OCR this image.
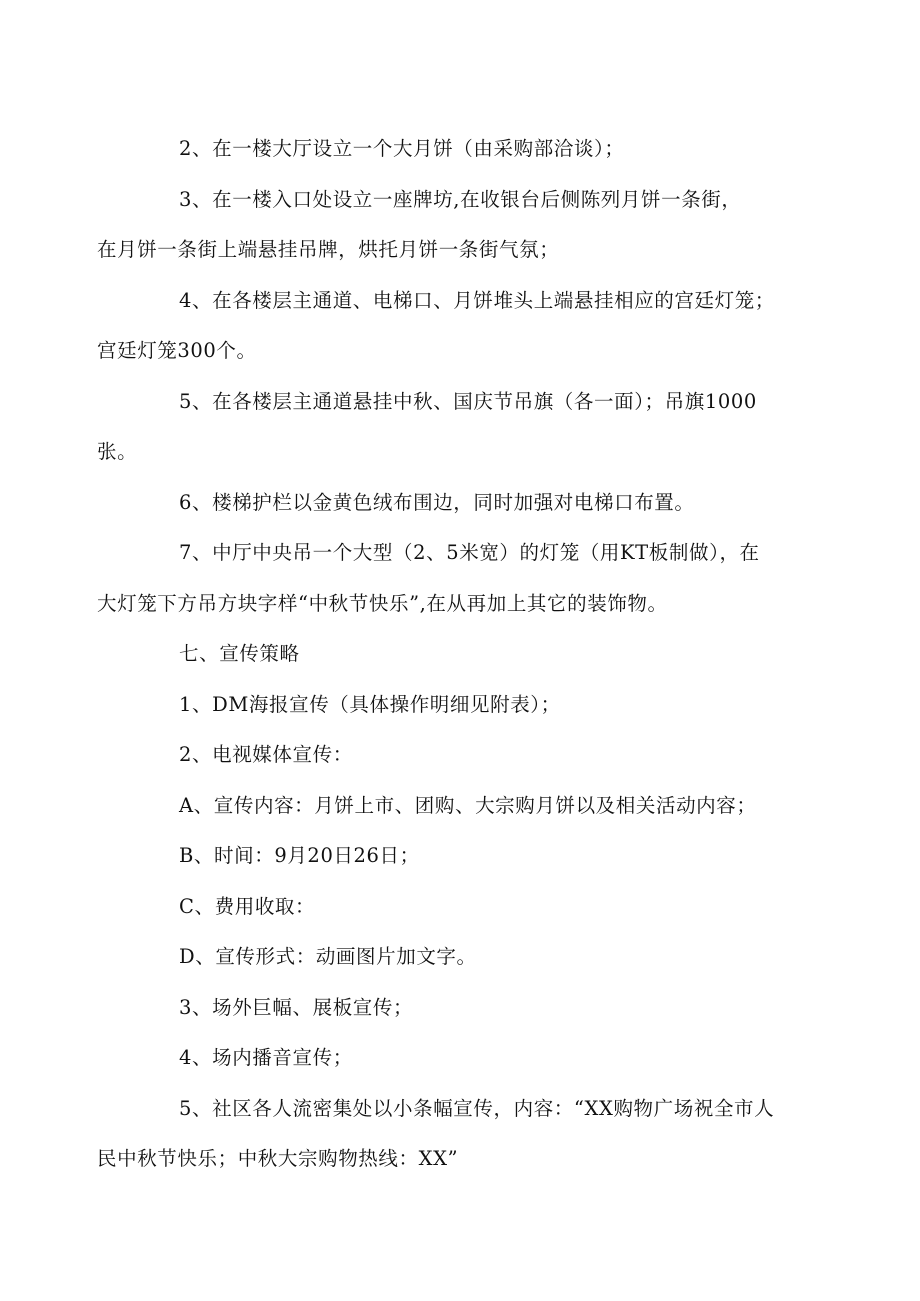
2、在一楼大厅设立一个大月饼（由采购部洽谈）；

3、在一楼入口处设立一座牌坊,在收银台后侧陈列月饼一条街，
在月饼一条街上端悬挂吊牌，烘托月饼一条街气氛；

4、在各楼层主通道、电梯口、月饼堆头上端悬挂相应的宫廷灯笼；
宫廷灯笼300个。

5、在各楼层主通道悬挂中秋、国庆节吊旗（各一面）；吊旗1000
张。

6、楼梯护栏以金黄色绒布围边，同时加强对电梯口布置。

7、中厅中央吊一个大型（2、5米宽）的灯笼（用KT板制做），在
大灯笼下方吊方块字样“中秋节快乐”,在从再加上其它的装饰物。

七、宣传策略

1、DM海报宣传（具体操作明细见附表）；

2、电视媒体宣传：

A、宣传内容：月饼上市、团购、大宗购月饼以及相关活动内容；

B、时间：9月20日26日；

C、费用收取：

D、宣传形式：动画图片加文字。

3、场外巨幅、展板宣传；

4、场内播音宣传；

5、社区各人流密集处以小条幅宣传，内容：“XX购物广场祝全市人
民中秋节快乐；中秋大宗购物热线：XX”
